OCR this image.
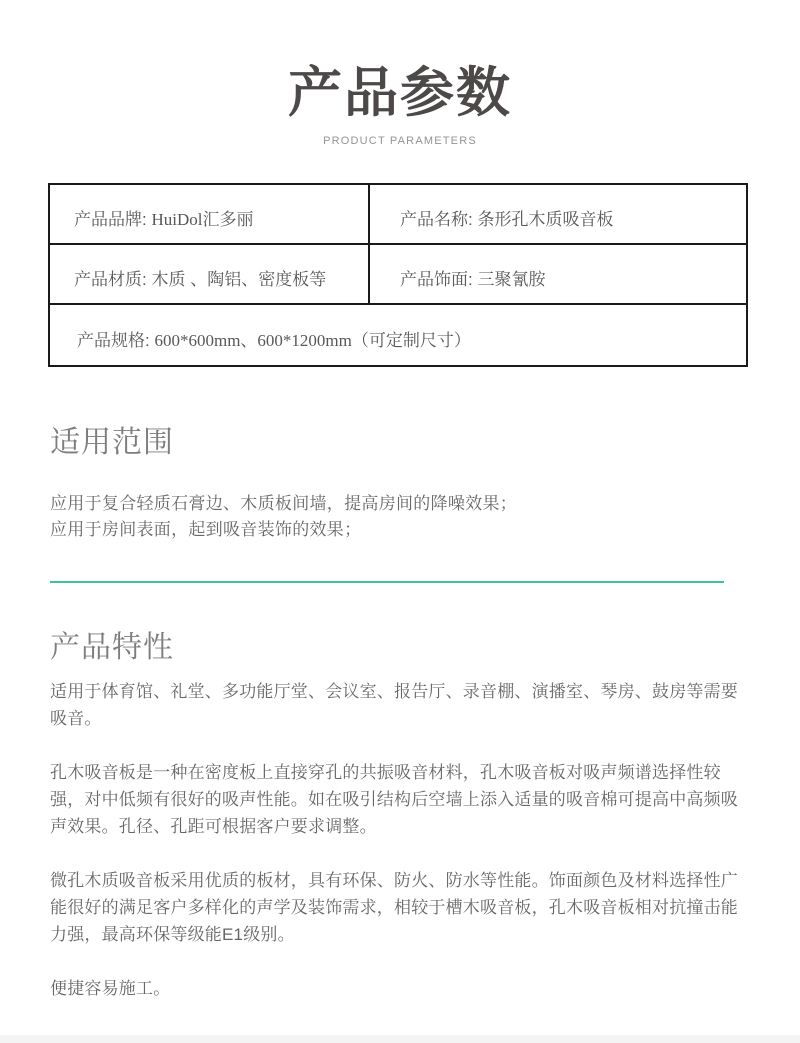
产品参数
PRODUCT PARAMETERS
产品品牌: HuiDol汇多丽	产品名称: 条形孔木质吸音板
产品材质: 木质 、陶铝、密度板等	产品饰面: 三聚氰胺
产品规格: 600*600mm、600*1200mm（可定制尺寸）	
适用范围
应用于复合轻质石膏边、木质板间墙，提高房间的降噪效果；
应用于房间表面，起到吸音装饰的效果；
产品特性

适用于体育馆、礼堂、多功能厅堂、会议室、报告厅、录音棚、演播室、琴房、鼓房等需要吸音。

孔木吸音板是一种在密度板上直接穿孔的共振吸音材料，孔木吸音板对吸声频谱选择性较强，对中低频有很好的吸声性能。如在吸引结构后空墙上添入适量的吸音棉可提高中高频吸声效果。孔径、孔距可根据客户要求调整。

微孔木质吸音板采用优质的板材，具有环保、防火、防水等性能。饰面颜色及材料选择性广能很好的满足客户多样化的声学及装饰需求，相较于槽木吸音板，孔木吸音板相对抗撞击能力强，最高环保等级能E1级别。

便捷容易施工。
